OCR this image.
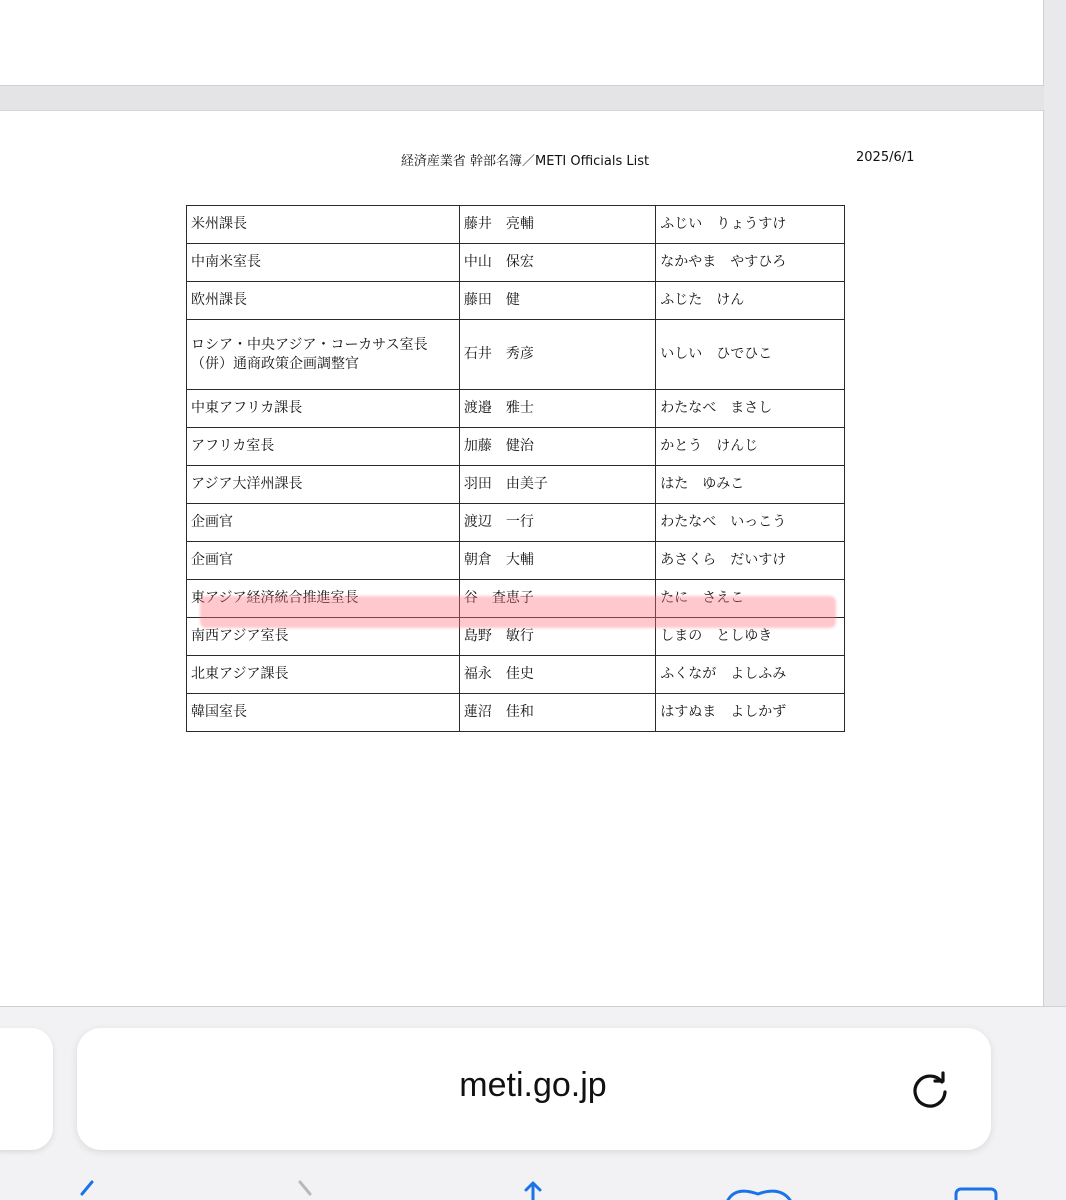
経済産業省 幹部名簿／METI Officials List	2025/6/1
米州課長	藤井　亮輔	ふじい　りょうすけ
中南米室長	中山　保宏	なかやま　やすひろ
欧州課長	藤田　健	ふじた　けん

ロシア・中央アジア・コーカサス室長
（併）通商政策企画調整官	石井　秀彦	いしい　ひでひこ
中東アフリカ課長	渡邉　雅士	わたなべ　まさし
アフリカ室長	加藤　健治	かとう　けんじ
アジア大洋州課長	羽田　由美子	はた　ゆみこ
企画官	渡辺　一行	わたなべ　いっこう
企画官	朝倉　大輔	あさくら　だいすけ
東アジア経済統合推進室長	谷　査恵子	たに　さえこ
南西アジア室長	島野　敏行	しまの　としゆき
北東アジア課長	福永　佳史	ふくなが　よしふみ
韓国室長	蓮沼　佳和	はすぬま　よしかず
meti.go.jp
